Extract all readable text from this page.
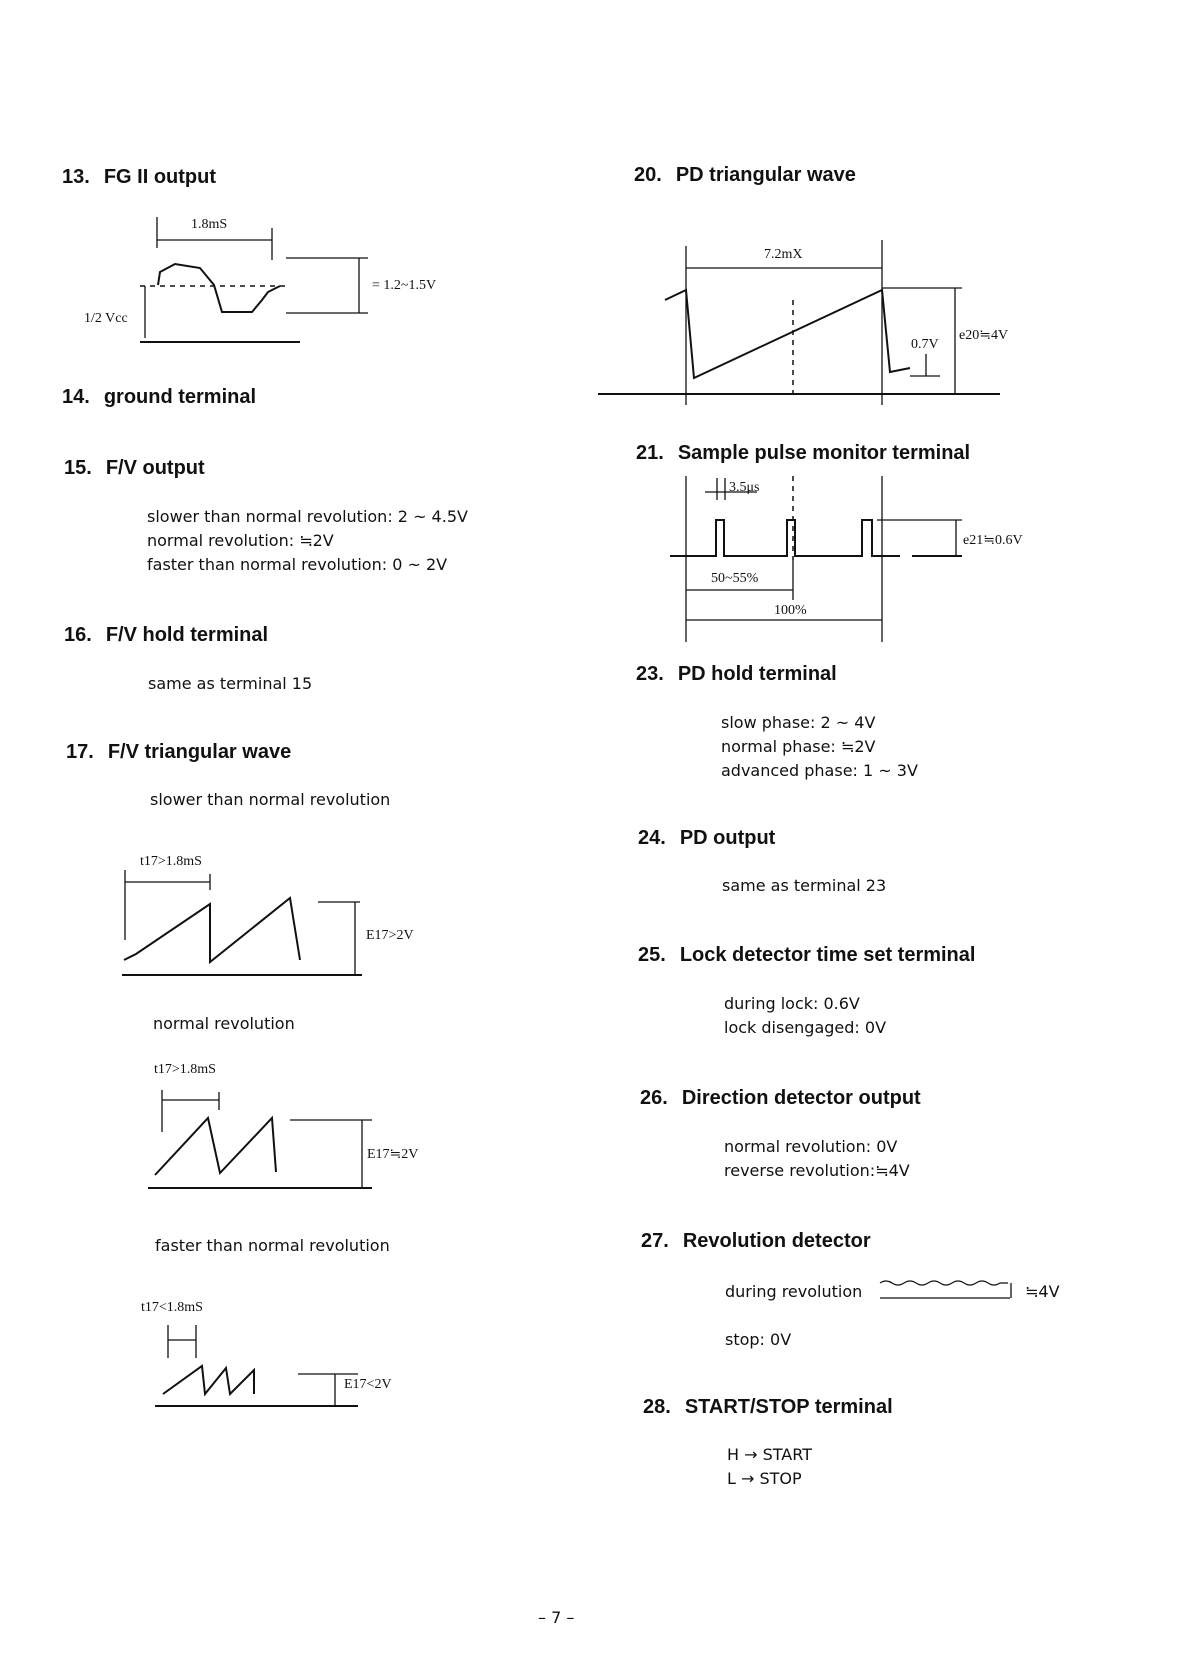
13. FG II output
1.8mS
= 1.2~1.5V
1/2 Vcc
14. ground terminal
15. F/V output
slower than normal revolution: 2 ~ 4.5V
normal revolution: ≒2V
faster than normal revolution: 0 ~ 2V
16. F/V hold terminal
same as terminal 15
17. F/V triangular wave
slower than normal revolution
t17>1.8mS
E17>2V
normal revolution
t17>1.8mS
E17≒2V
faster than normal revolution
t17<1.8mS
E17<2V
20. PD triangular wave
7.2mX
0.7V
e20≒4V
21. Sample pulse monitor terminal
3.5μs
50~55%
100%
e21≒0.6V
23. PD hold terminal
slow phase: 2 ~ 4V
normal phase: ≒2V
advanced phase: 1 ~ 3V
24. PD output
same as terminal 23
25. Lock detector time set terminal
during lock: 0.6V
lock disengaged: 0V
26. Direction detector output
normal revolution: 0V
reverse revolution:≒4V
27. Revolution detector
during revolution	≒4V
stop: 0V
28. START/STOP terminal
H → START
L → STOP
– 7 –
